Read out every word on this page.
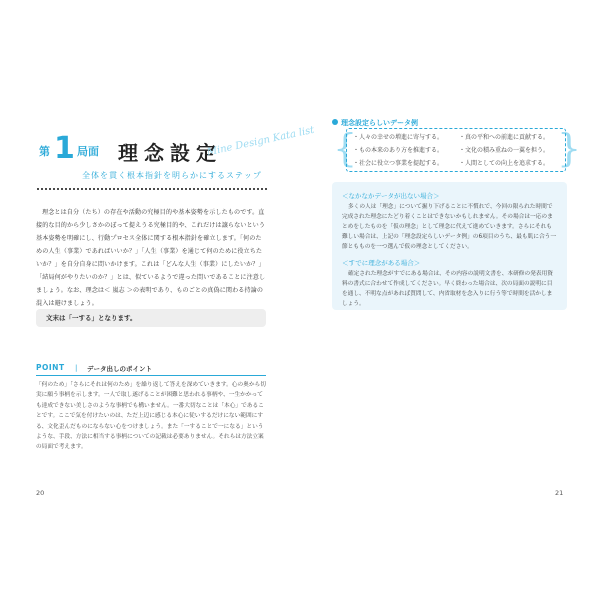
第 1 局面 理念設定
Mine Design Kata list
全体を貫く根本指針を明らかにするステップ

理念とは自分（たち）の存在や活動の究極目的や基本姿勢を示したものです。直接的な目的から少しさかのぼって提えうる究極目的や、これだけは譲らないという基本姿勢を明確にし、行動プロセス全体に関する根本指針を確立します。「何のための人生（事業）であればいいか？」「人生（事業）を通じて何のために役立ちたいか？」を自分自身に問いかけます。これは「どんな人生（事業）にしたいか？」「結局何がやりたいのか？」とは、似ているようで違った問いであることに注意しましょう。なお、理念は＜ 嵐志 ＞の表明であり、ものごとの真偽に関わる持論の混入は避けましょう。

文末は「一する」となります。
POINT | データ出しのポイント

「何のため」「さらにそれは何のため」を繰り返して答えを深めていきます。心の奥から切実に願う事柄を示します。一人で取し遂げることが困難と思われる事柄や、一生かかっても達成できない美しさのような事柄でも構いません。一番大切なことは「本心」であることです。ここで気を付けたいのは、ただ上辺に感じる本心に従いするだけにない範囲にする、文化歪んだものにならない心をつけましょう。また「一することで一になる」というような、手段、方法に相当する事柄についての記載は必要ありません。それらは方法立案の局面で考えます。

20
理念設定らしいデータ例
{	}
・人々の幸せの増進に寄与する。
・もの本来のあり方を推進する。
・社会に役立つ事業を提起する。
・真の平和への前進に貢献する。
・文化の積み重ねの一翼を担う。
・人間としての向上を追求する。
＜なかなかデータが出ない場合＞

多くの人は「理念」について掘り下げることに不慣れで、今回の限られた時間で完成された理念にたどり着くことはできないかもしれません。その場合は一応のまとめをしたものを「仮の理念」として理念に代えて進めていきます。さらにそれも難しい場合は、上記の「理念設定らしいデータ例」の6項目のうち、最も肌に合う一節ともものを一つ選んで仮の理念としてください。

＜すでに理念がある場合＞

確定された理念がすでにある場合は、その内容の説明文書を、本研修の発表用資料の書式に合わせて作成してください。早く終わった場合は、次の局面の説明に目を通し、不明な点があれば質問して、内省取材を念入りに行う等で時間を活かしましょう。

21
